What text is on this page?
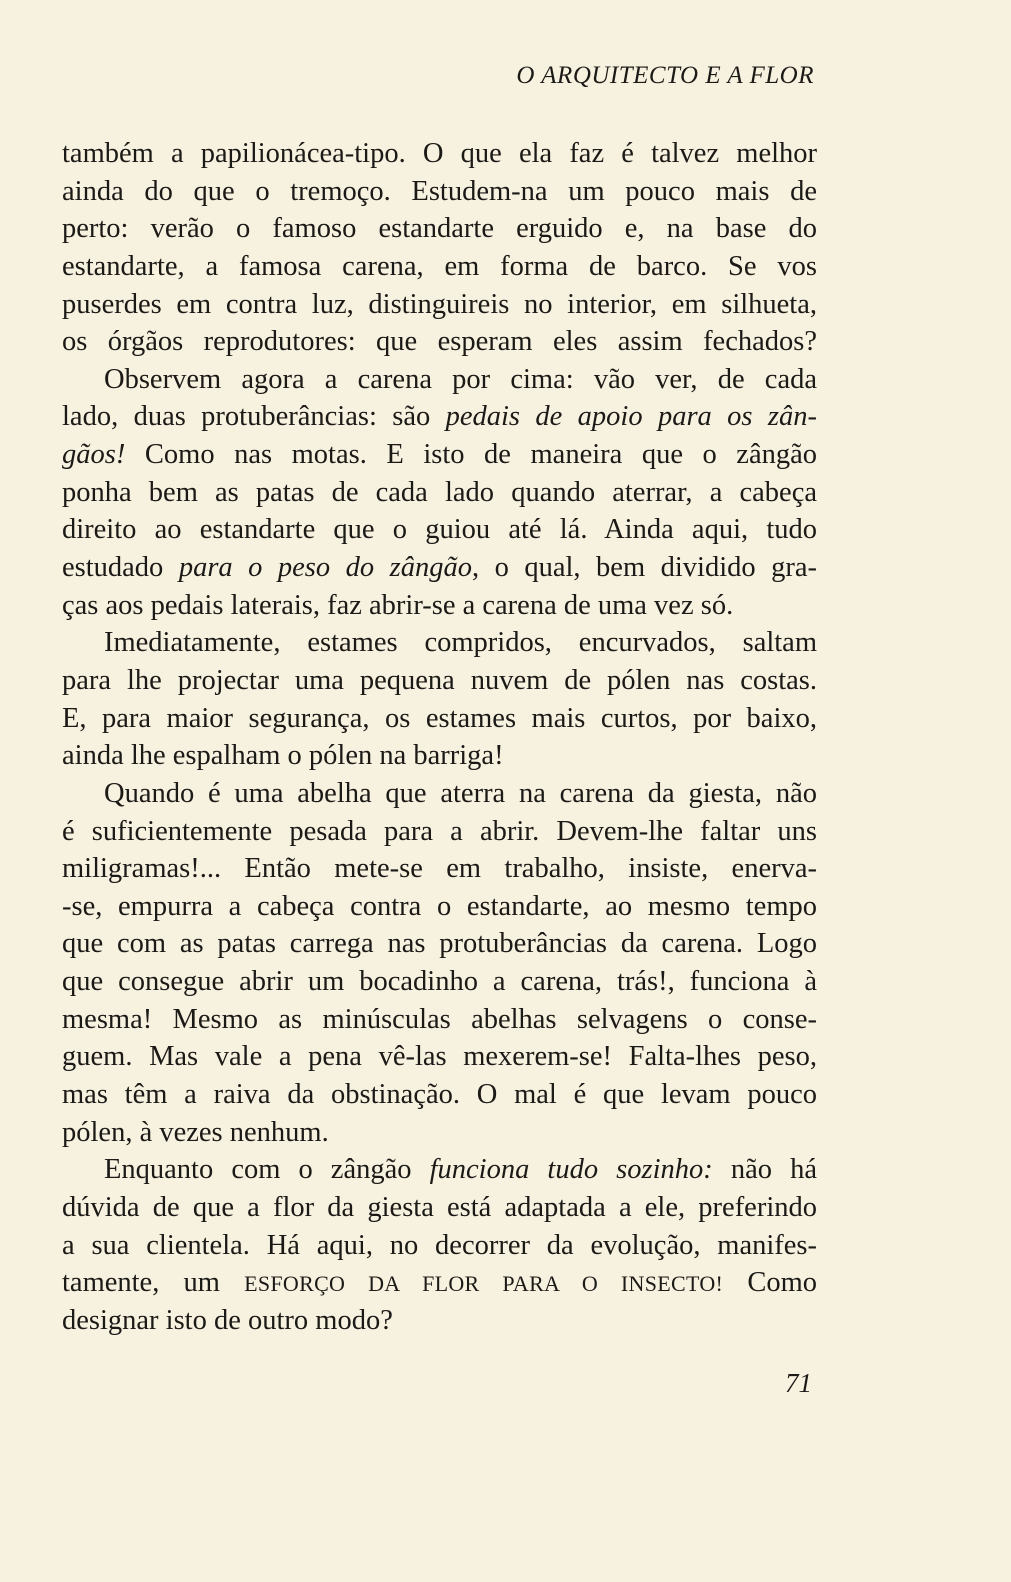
O ARQUITECTO E A FLOR
também a papilionácea-tipo. O que ela faz é talvez melhor
ainda do que o tremoço. Estudem-na um pouco mais de
perto: verão o famoso estandarte erguido e, na base do
estandarte, a famosa carena, em forma de barco. Se vos
puserdes em contra luz, distinguireis no interior, em silhueta,
os órgãos reprodutores: que esperam eles assim fechados?
Observem agora a carena por cima: vão ver, de cada
lado, duas protuberâncias: são pedais de apoio para os zân-
gãos! Como nas motas. E isto de maneira que o zângão
ponha bem as patas de cada lado quando aterrar, a cabeça
direito ao estandarte que o guiou até lá. Ainda aqui, tudo
estudado para o peso do zângão, o qual, bem dividido gra-
ças aos pedais laterais, faz abrir-se a carena de uma vez só.
Imediatamente, estames compridos, encurvados, saltam
para lhe projectar uma pequena nuvem de pólen nas costas.
E, para maior segurança, os estames mais curtos, por baixo,
ainda lhe espalham o pólen na barriga!
Quando é uma abelha que aterra na carena da giesta, não
é suficientemente pesada para a abrir. Devem-lhe faltar uns
miligramas!... Então mete-se em trabalho, insiste, enerva-
-se, empurra a cabeça contra o estandarte, ao mesmo tempo
que com as patas carrega nas protuberâncias da carena. Logo
que consegue abrir um bocadinho a carena, trás!, funciona à
mesma! Mesmo as minúsculas abelhas selvagens o conse-
guem. Mas vale a pena vê-las mexerem-se! Falta-lhes peso,
mas têm a raiva da obstinação. O mal é que levam pouco
pólen, à vezes nenhum.
Enquanto com o zângão funciona tudo sozinho: não há
dúvida de que a flor da giesta está adaptada a ele, preferindo
a sua clientela. Há aqui, no decorrer da evolução, manifes-
tamente, um ESFORÇO DA FLOR PARA O INSECTO! Como
designar isto de outro modo?
71
